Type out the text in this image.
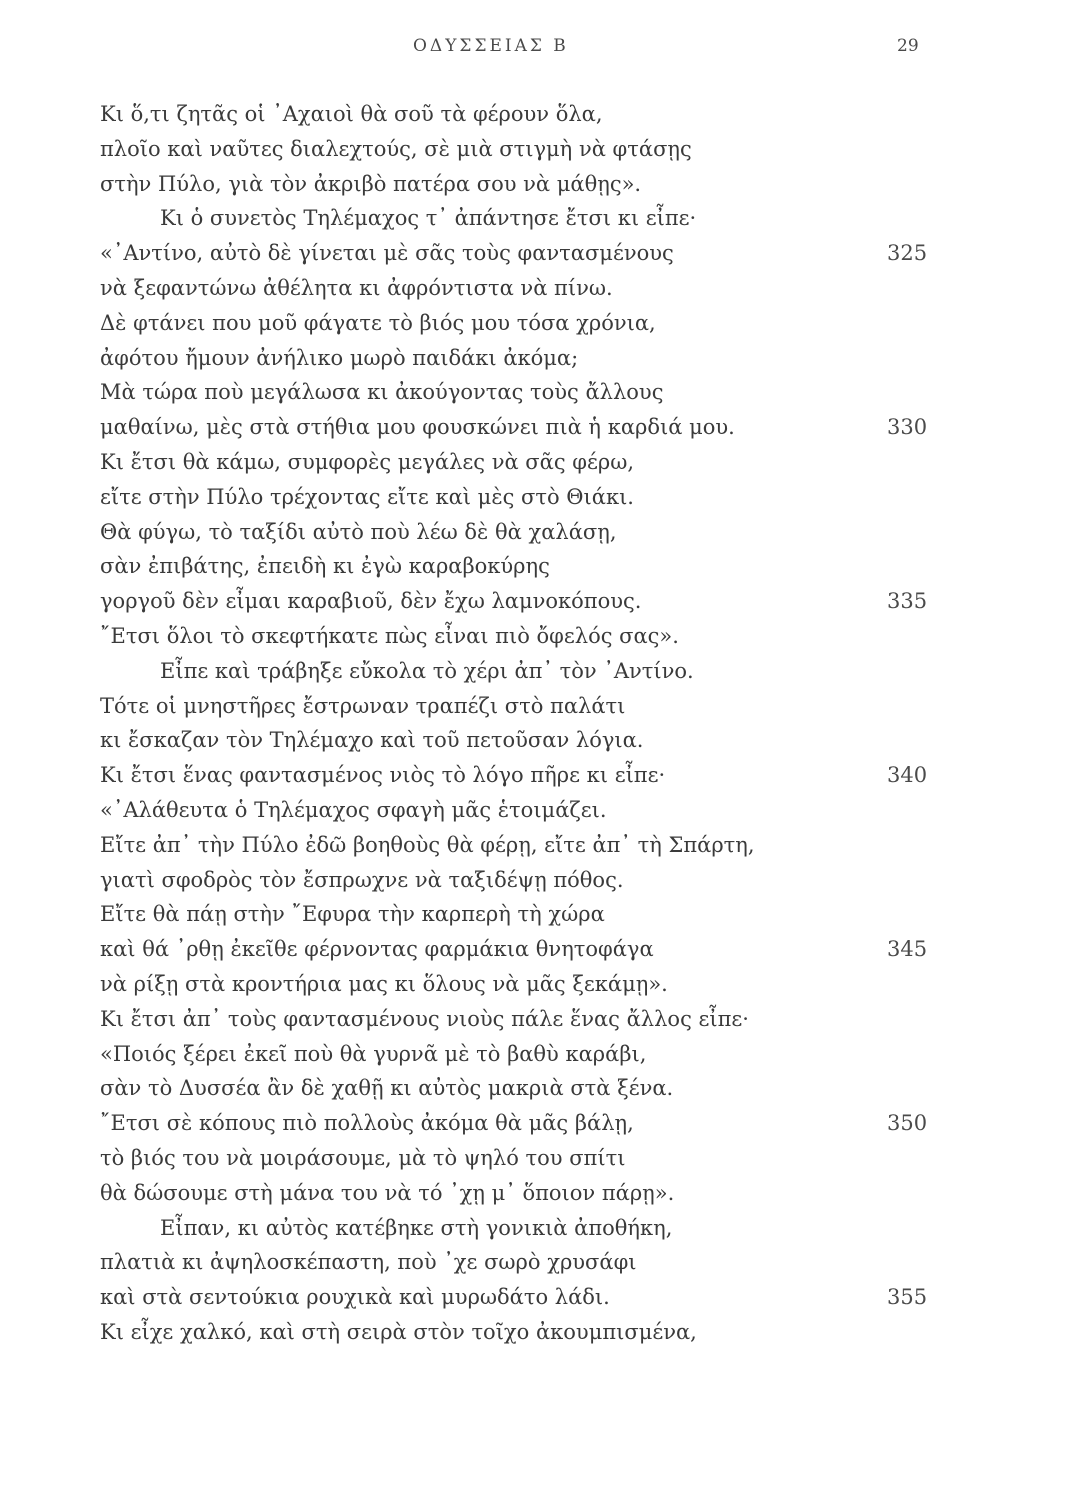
ΟΔΥΣΣΕΙΑΣ Β	29
Κι ὅ,τι ζητᾶς οἱ ᾿Αχαιοὶ θὰ σοῦ τὰ φέρουν ὅλα,
πλοῖο καὶ ναῦτες διαλεχτούς, σὲ μιὰ στιγμὴ νὰ φτάσῃς
στὴν Πύλο, γιὰ τὸν ἀκριβὸ πατέρα σου νὰ μάθῃς».
Κι ὁ συνετὸς Τηλέμαχος τ᾿ ἀπάντησε ἔτσι κι εἶπε·
«᾿Αντίνο, αὐτὸ δὲ γίνεται μὲ σᾶς τοὺς φαντασμένους	325
νὰ ξεφαντώνω ἀθέλητα κι ἀφρόντιστα νὰ πίνω.
Δὲ φτάνει που μοῦ φάγατε τὸ βιός μου τόσα χρόνια,
ἀφότου ἤμουν ἀνήλικο μωρὸ παιδάκι ἀκόμα;
Μὰ τώρα ποὺ μεγάλωσα κι ἀκούγοντας τοὺς ἄλλους
μαθαίνω, μὲς στὰ στήθια μου φουσκώνει πιὰ ἡ καρδιά μου.	330
Κι ἔτσι θὰ κάμω, συμφορὲς μεγάλες νὰ σᾶς φέρω,
εἴτε στὴν Πύλο τρέχοντας εἴτε καὶ μὲς στὸ Θιάκι.
Θὰ φύγω, τὸ ταξίδι αὐτὸ ποὺ λέω δὲ θὰ χαλάσῃ,
σὰν ἐπιβάτης, ἐπειδὴ κι ἐγὼ καραβοκύρης
γοργοῦ δὲν εἶμαι καραβιοῦ, δὲν ἔχω λαμνοκόπους.	335
῎Ετσι ὅλοι τὸ σκεφτήκατε πὼς εἶναι πιὸ ὄφελός σας».
Εἶπε καὶ τράβηξε εὔκολα τὸ χέρι ἀπ᾿ τὸν ᾿Αντίνο.
Τότε οἱ μνηστῆρες ἔστρωναν τραπέζι στὸ παλάτι
κι ἔσκαζαν τὸν Τηλέμαχο καὶ τοῦ πετοῦσαν λόγια.
Κι ἔτσι ἕνας φαντασμένος νιὸς τὸ λόγο πῆρε κι εἶπε·	340
«᾿Αλάθευτα ὁ Τηλέμαχος σφαγὴ μᾶς ἑτοιμάζει.
Εἴτε ἀπ᾿ τὴν Πύλο ἐδῶ βοηθοὺς θὰ φέρῃ, εἴτε ἀπ᾿ τὴ Σπάρτη,
γιατὶ σφοδρὸς τὸν ἔσπρωχνε νὰ ταξιδέψῃ πόθος.
Εἴτε θὰ πάῃ στὴν ῎Εφυρα τὴν καρπερὴ τὴ χώρα
καὶ θά ᾿ρθῃ ἐκεῖθε φέρνοντας φαρμάκια θνητοφάγα	345
νὰ ρίξῃ στὰ κροντήρια μας κι ὅλους νὰ μᾶς ξεκάμῃ».
Κι ἔτσι ἀπ᾿ τοὺς φαντασμένους νιοὺς πάλε ἕνας ἄλλος εἶπε·
«Ποιός ξέρει ἐκεῖ ποὺ θὰ γυρνᾶ μὲ τὸ βαθὺ καράβι,
σὰν τὸ Δυσσέα ἂν δὲ χαθῇ κι αὐτὸς μακριὰ στὰ ξένα.
῎Ετσι σὲ κόπους πιὸ πολλοὺς ἀκόμα θὰ μᾶς βάλῃ,	350
τὸ βιός του νὰ μοιράσουμε, μὰ τὸ ψηλό του σπίτι
θὰ δώσουμε στὴ μάνα του νὰ τό ᾿χῃ μ᾿ ὅποιον πάρῃ».
Εἶπαν, κι αὐτὸς κατέβηκε στὴ γονικιὰ ἀποθήκη,
πλατιὰ κι ἀψηλοσκέπαστη, ποὺ ᾿χε σωρὸ χρυσάφι
καὶ στὰ σεντούκια ρουχικὰ καὶ μυρωδάτο λάδι.	355
Κι εἶχε χαλκό, καὶ στὴ σειρὰ στὸν τοῖχο ἀκουμπισμένα,
